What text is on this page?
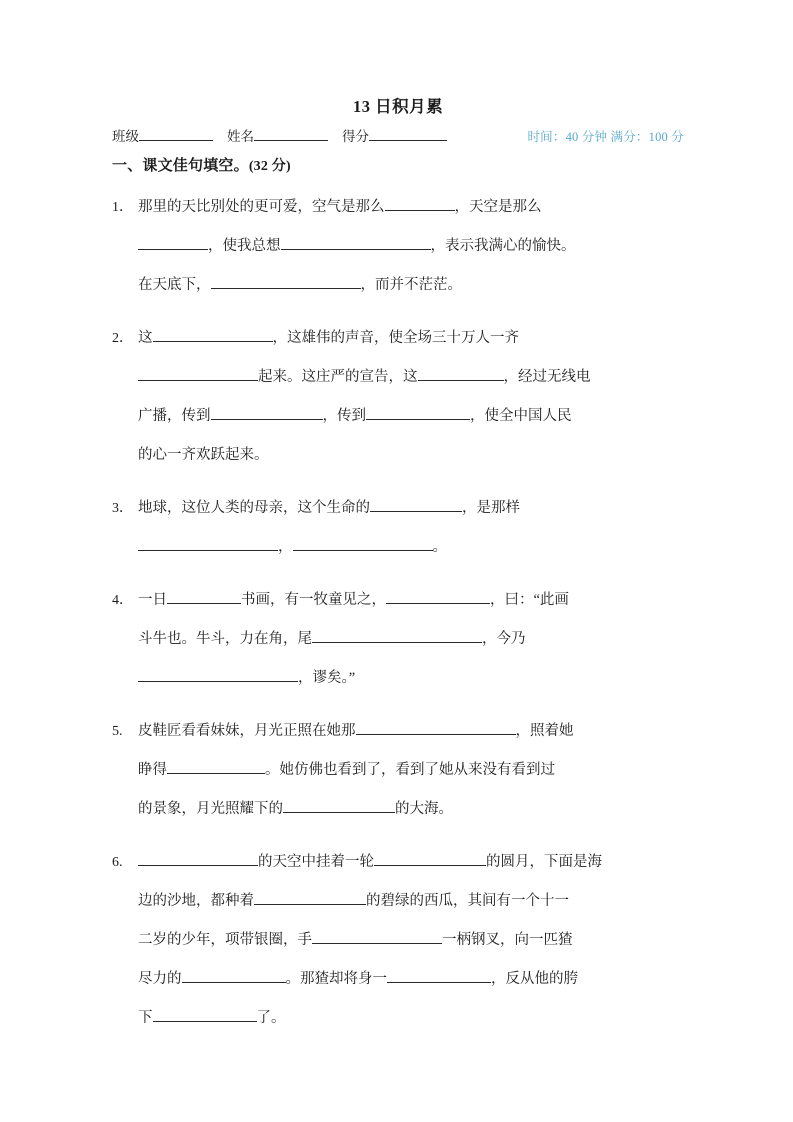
13 日积月累
班级	姓名	得分	时间：40 分钟 满分：100 分
一、课文佳句填空。(32 分)
1． 那里的天比别处的更可爱，空气是那么	，天空是那么
，使我总想	，表示我满心的愉快。
在天底下，	，而并不茫茫。
2． 这	，这雄伟的声音，使全场三十万人一齐
起来。这庄严的宣告，这	，经过无线电
广播，传到	，传到	，使全中国人民
的心一齐欢跃起来。
3． 地球，这位人类的母亲，这个生命的	，是那样
，	。
4． 一日	书画，有一牧童见之，	，曰：“此画
斗牛也。牛斗，力在角，尾	，今乃
，谬矣。”
5.	皮鞋匠看看妹妹，月光正照在她那	，照着她
睁得	。她仿佛也看到了，看到了她从来没有看到过
的景象，月光照耀下的	的大海。
6.	的天空中挂着一轮	的圆月，下面是海
边的沙地，都种着	的碧绿的西瓜，其间有一个十一
二岁的少年，项带银圈，手	一柄钢叉，向一匹猹
尽力的	。那猹却将身一	，反从他的胯
下	了。
